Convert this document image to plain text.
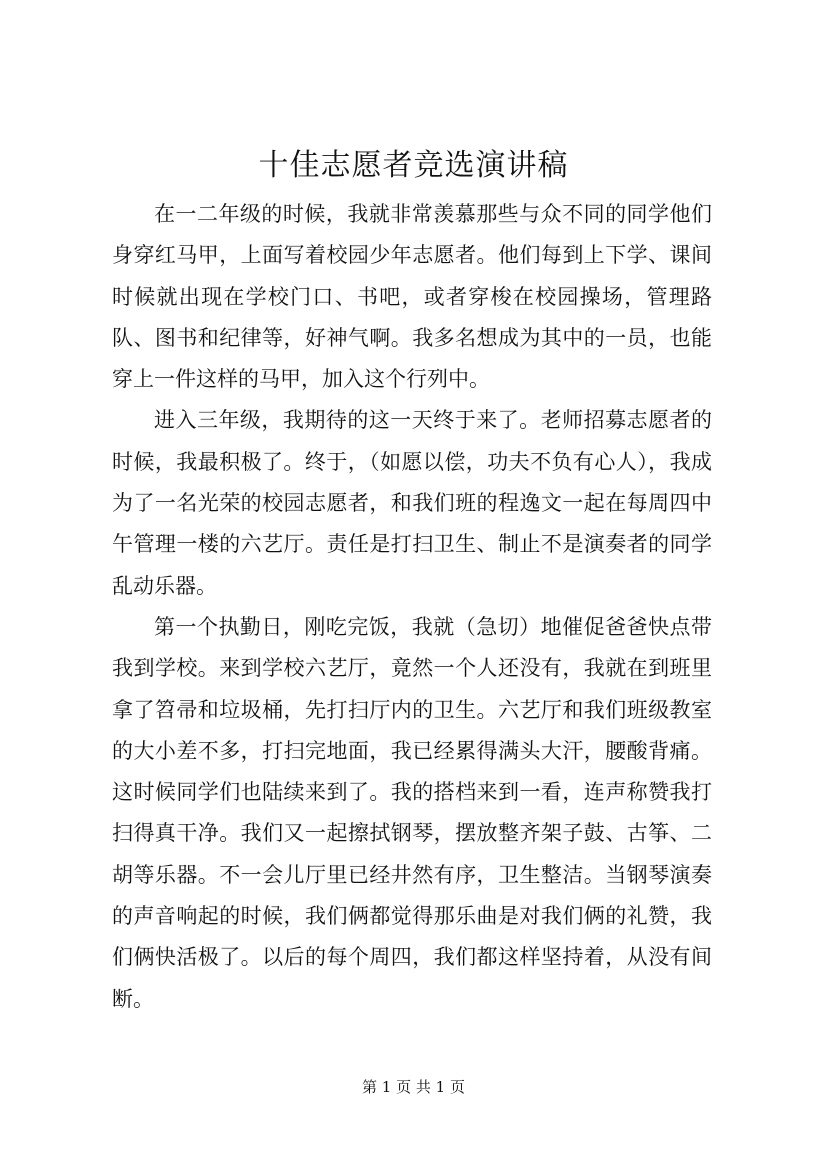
十佳志愿者竞选演讲稿

在一二年级的时候，我就非常羡慕那些与众不同的同学他们身穿红马甲，上面写着校园少年志愿者。他们每到上下学、课间时候就出现在学校门口、书吧，或者穿梭在校园操场，管理路队、图书和纪律等，好神气啊。我多名想成为其中的一员，也能穿上一件这样的马甲，加入这个行列中。

进入三年级，我期待的这一天终于来了。老师招募志愿者的时候，我最积极了。终于，（如愿以偿，功夫不负有心人），我成为了一名光荣的校园志愿者，和我们班的程逸文一起在每周四中午管理一楼的六艺厅。责任是打扫卫生、制止不是演奏者的同学乱动乐器。

第一个执勤日，刚吃完饭，我就（急切）地催促爸爸快点带我到学校。来到学校六艺厅，竟然一个人还没有，我就在到班里拿了笤帚和垃圾桶，先打扫厅内的卫生。六艺厅和我们班级教室的大小差不多，打扫完地面，我已经累得满头大汗，腰酸背痛。这时候同学们也陆续来到了。我的搭档来到一看，连声称赞我打扫得真干净。我们又一起擦拭钢琴，摆放整齐架子鼓、古筝、二胡等乐器。不一会儿厅里已经井然有序，卫生整洁。当钢琴演奏的声音响起的时候，我们俩都觉得那乐曲是对我们俩的礼赞，我们俩快活极了。以后的每个周四，我们都这样坚持着，从没有间断。

第 1 页 共 1 页
